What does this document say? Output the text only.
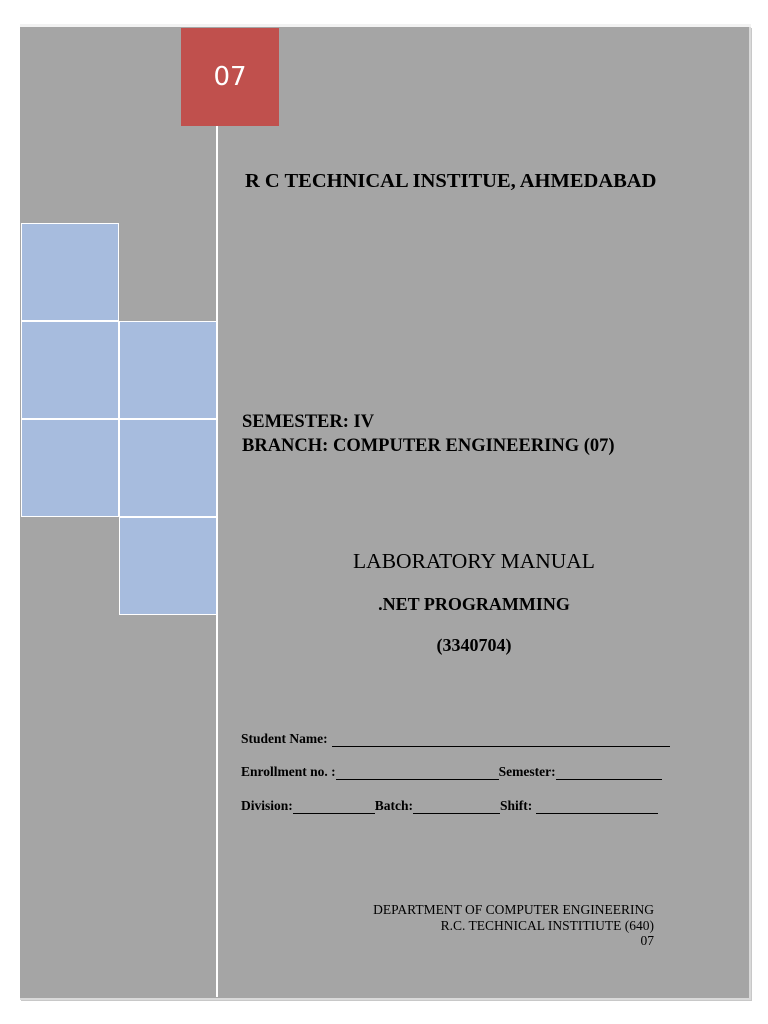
07
R C TECHNICAL INSTITUE, AHMEDABAD
SEMESTER: IV
BRANCH: COMPUTER ENGINEERING (07)
LABORATORY MANUAL
.NET PROGRAMMING
(3340704)
Student Name:
Enrollment no. :	Semester:
Division:	Batch:	Shift:
DEPARTMENT OF COMPUTER ENGINEERING
R.C. TECHNICAL INSTITIUTE (640)
07
